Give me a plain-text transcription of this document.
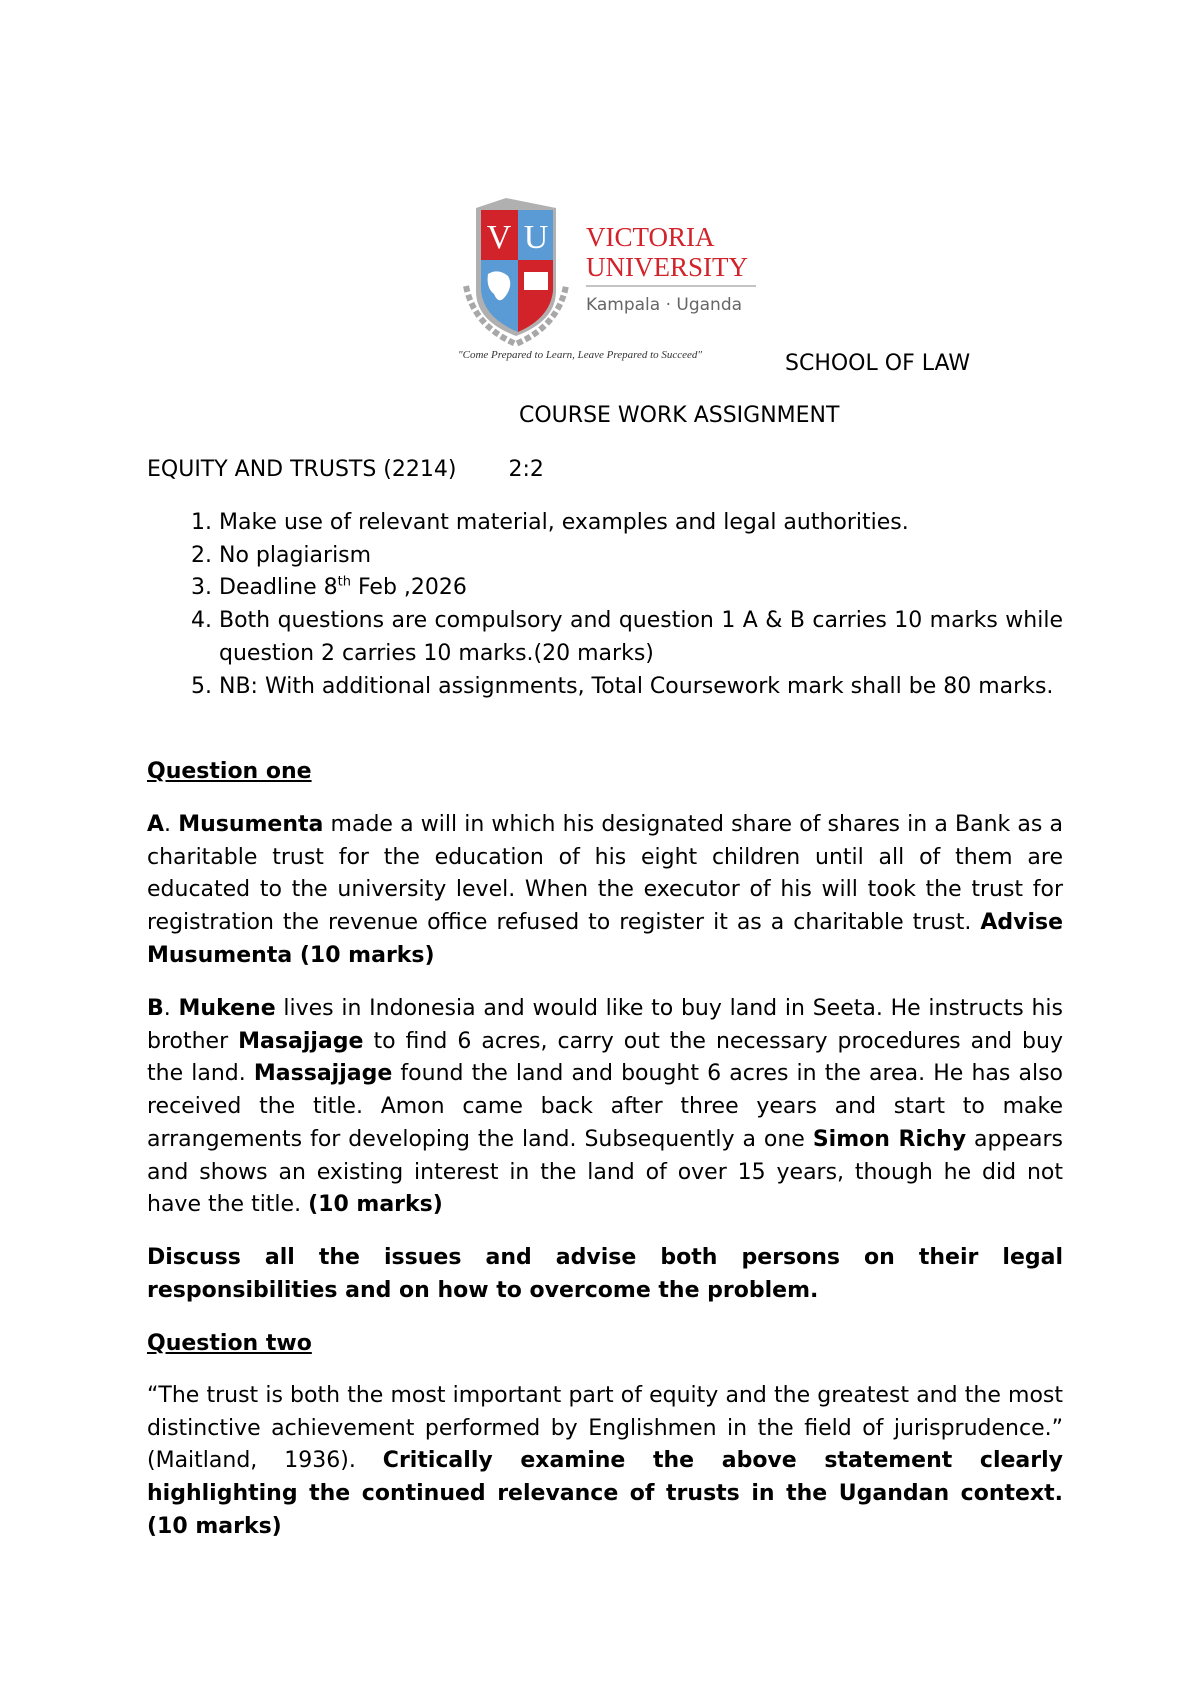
V U VICTORIA
UNIVERSITY
Kampala · Uganda
"Come Prepared to Learn, Leave Prepared to Succeed"	SCHOOL OF LAW
COURSE WORK ASSIGNMENT
EQUITY AND TRUSTS (2214) 2:2
1. Make use of relevant material, examples and legal authorities.
2. No plagiarism
3. Deadline 8th Feb ,2026
4. Both questions are compulsory and question 1 A & B carries 10 marks while question 2 carries 10 marks.(20 marks)
5. NB: With additional assignments, Total Coursework mark shall be 80 marks.
Question one
A. Musumenta made a will in which his designated share of shares in a Bank as a charitable trust for the education of his eight children until all of them are educated to the university level. When the executor of his will took the trust for registration the revenue office refused to register it as a charitable trust. Advise Musumenta (10 marks)
B. Mukene lives in Indonesia and would like to buy land in Seeta. He instructs his brother Masajjage to find 6 acres, carry out the necessary procedures and buy the land. Massajjage found the land and bought 6 acres in the area. He has also received the title. Amon came back after three years and start to make arrangements for developing the land. Subsequently a one Simon Richy appears and shows an existing interest in the land of over 15 years, though he did not have the title. (10 marks)
Discuss all the issues and advise both persons on their legal responsibilities and on how to overcome the problem.
Question two
“The trust is both the most important part of equity and the greatest and the most distinctive achievement performed by Englishmen in the field of jurisprudence.” (Maitland, 1936). Critically examine the above statement clearly highlighting the continued relevance of trusts in the Ugandan context. (10 marks)
